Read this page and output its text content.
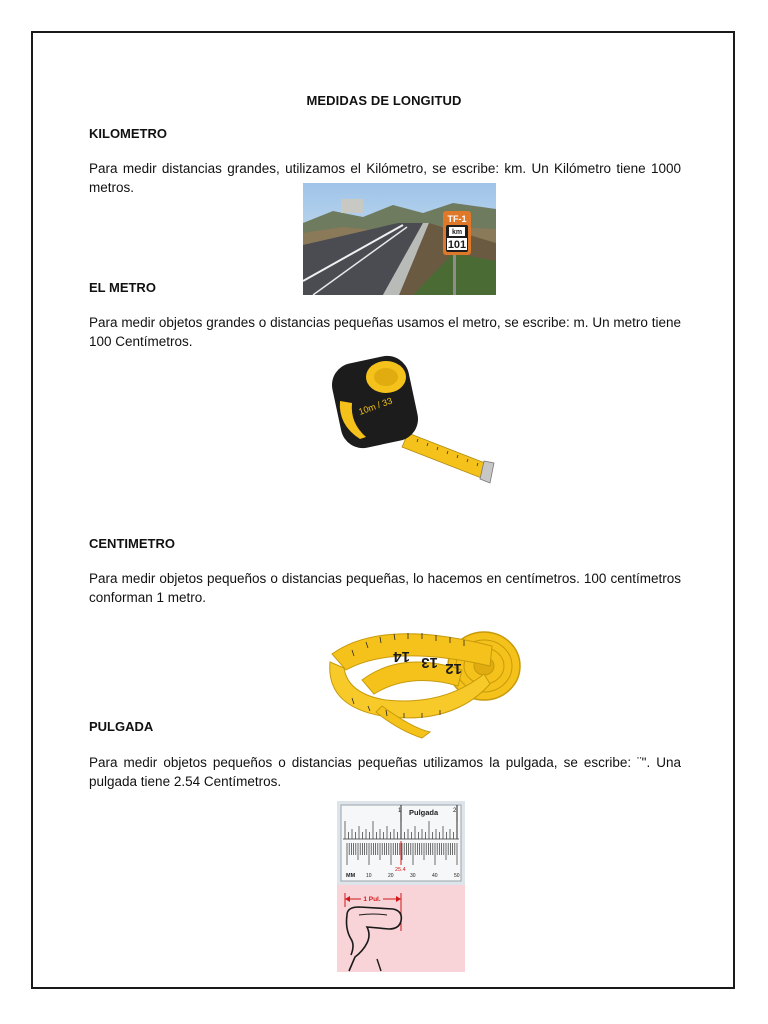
MEDIDAS DE LONGITUD
KILOMETRO
Para medir distancias grandes, utilizamos el Kilómetro, se escribe: km. Un Kilómetro tiene 1000 metros.
TF-1
km
101
EL METRO
Para medir objetos grandes o distancias pequeñas usamos el metro, se escribe: m. Un metro tiene 100 Centímetros.
10m / 33
CENTIMETRO
Para medir objetos pequeños o distancias pequeñas, lo hacemos en centímetros. 100 centímetros conforman 1 metro.
14 13 12
PULGADA
Para medir objetos pequeños o distancias pequeñas utilizamos la pulgada, se escribe: ¨". Una pulgada tiene 2.54 Centímetros.
1	2
Pulgada
MM 10	20	30	40	50
25.4
1 Pul.
